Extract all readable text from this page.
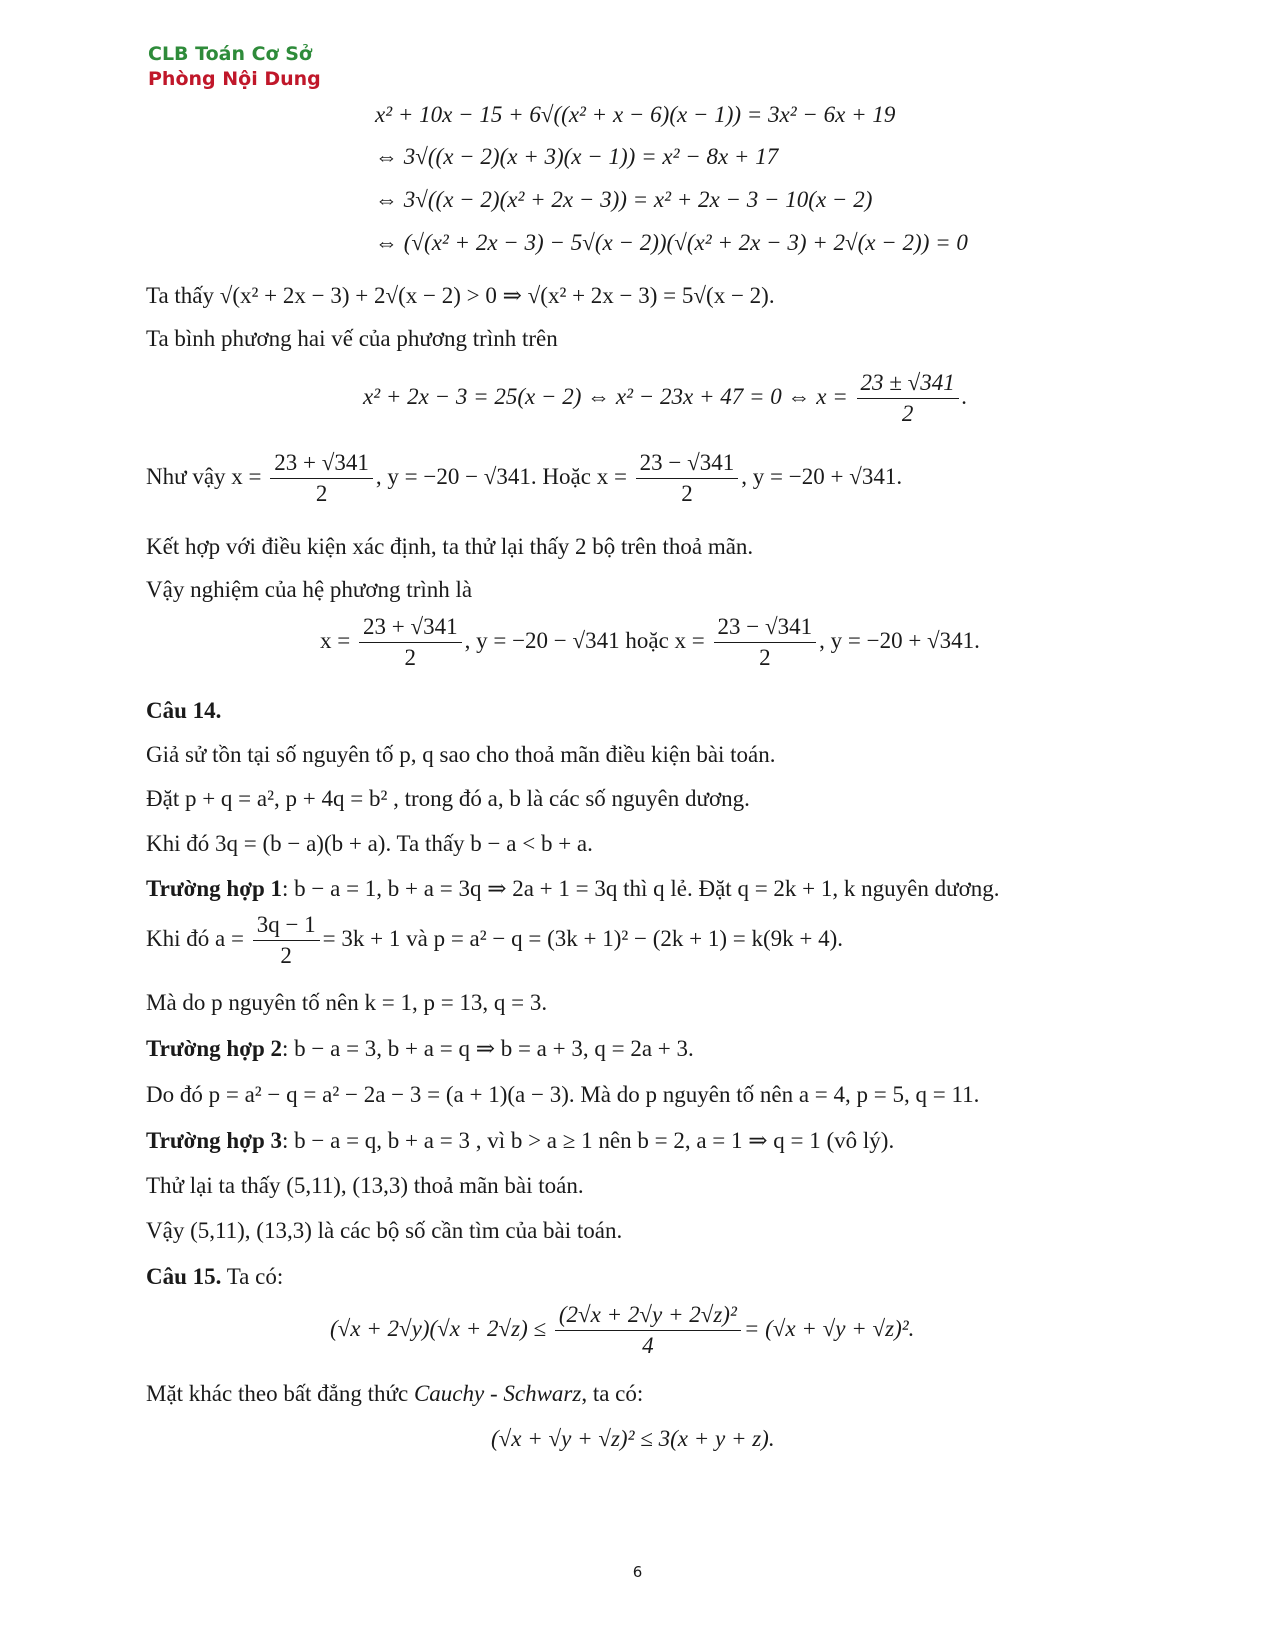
CLB Toán Cơ Sở
Phòng Nội Dung
x² + 10x − 15 + 6√((x² + x − 6)(x − 1)) = 3x² − 6x + 19
⇔ 3√((x − 2)(x + 3)(x − 1)) = x² − 8x + 17
⇔ 3√((x − 2)(x² + 2x − 3)) = x² + 2x − 3 − 10(x − 2)
⇔ (√(x² + 2x − 3) − 5√(x − 2))(√(x² + 2x − 3) + 2√(x − 2)) = 0
Ta thấy √(x² + 2x − 3) + 2√(x − 2) > 0 ⇒ √(x² + 2x − 3) = 5√(x − 2).
Ta bình phương hai vế của phương trình trên
x² + 2x − 3 = 25(x − 2) ⇔ x² − 23x + 47 = 0 ⇔ $x = \frac{23 \pm √341}{2}$ .
Như vậy $x = \frac{23 + √341}{2}$ , y = −20 − √341. Hoặc $x = \frac{23 - √341}{2}$ , y = −20 + √341.
Kết hợp với điều kiện xác định, ta thử lại thấy 2 bộ trên thoả mãn.
Vậy nghiệm của hệ phương trình là
$x = \frac{23 + √341}{2}$ , y = −20 − √341 hoặc $x = \frac{23 - √341}{2}$ , y = −20 + √341.
Câu 14.
Giả sử tồn tại số nguyên tố p, q sao cho thoả mãn điều kiện bài toán.
Đặt p + q = a², p + 4q = b² , trong đó a, b là các số nguyên dương.
Khi đó 3q = (b − a)(b + a). Ta thấy b − a < b + a.
Trường hợp 1: b − a = 1, b + a = 3q ⇒ 2a + 1 = 3q thì q lẻ. Đặt q = 2k + 1, k nguyên dương.
Khi đó $a = \frac{3q - 1}{2} = 3k + 1$ và p = a² − q = (3k + 1)² − (2k + 1) = k(9k + 4).
Mà do p nguyên tố nên k = 1, p = 13, q = 3.
Trường hợp 2: b − a = 3, b + a = q ⇒ b = a + 3, q = 2a + 3.
Do đó p = a² − q = a² − 2a − 3 = (a + 1)(a − 3). Mà do p nguyên tố nên a = 4, p = 5, q = 11.
Trường hợp 3: b − a = q, b + a = 3 , vì b > a ≥ 1 nên b = 2, a = 1 ⇒ q = 1 (vô lý).
Thử lại ta thấy (5,11), (13,3) thoả mãn bài toán.
Vậy (5,11), (13,3) là các bộ số cần tìm của bài toán.
Câu 15. Ta có:
$(√x + 2√y)(√x + 2√z) \le \frac{\text{(2√x + 2√y + 2√z)²}}{4} = (√x + √y + √z)^2$.
Mặt khác theo bất đẳng thức Cauchy - Schwarz, ta có:
(√x + √y + √z)² ≤ 3(x + y + z).
6
